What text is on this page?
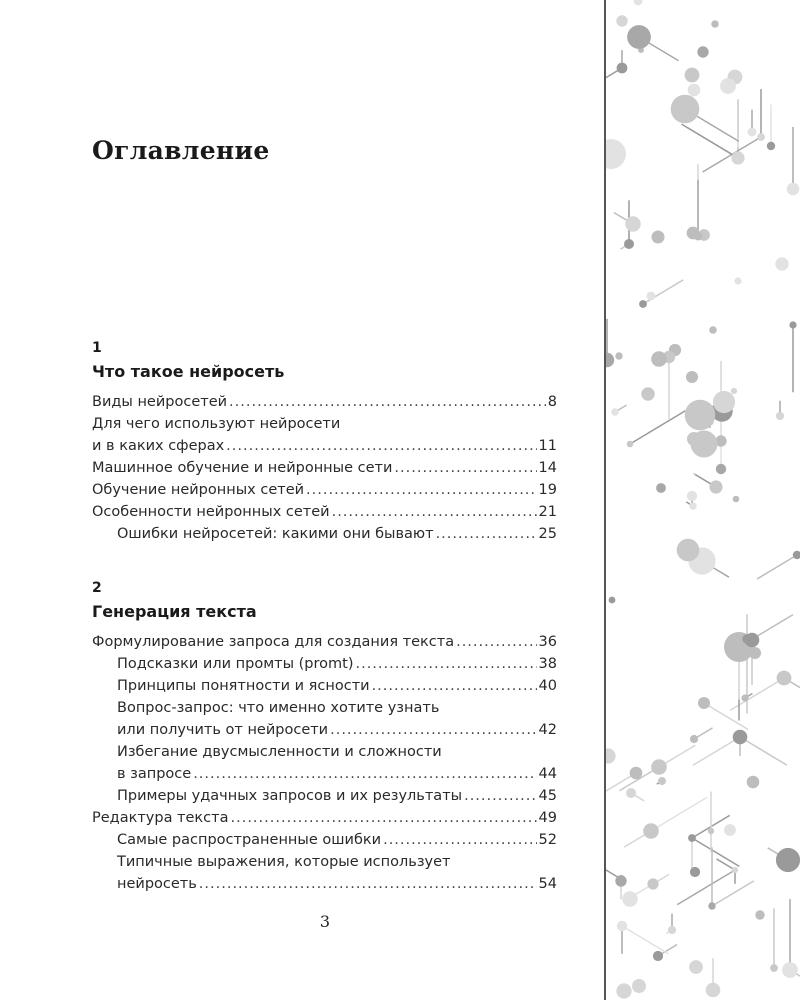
Оглавление
1
Что такое нейросеть
Виды нейросетей .....	8
Для чего используют нейросети
и в каких сферах .....	11
Машинное обучение и нейронные сети .....	14
Обучение нейронных сетей .....	19
Особенности нейронных сетей .....	21
Ошибки нейросетей: какими они бывают .....	25
2
Генерация текста
Формулирование запроса для создания текста .....	36
Подсказки или промты (promt) .....	38
Принципы понятности и ясности .....	40
Вопрос-запрос: что именно хотите узнать
или получить от нейросети .....	42
Избегание двусмысленности и сложности
в запросе .....	44
Примеры удачных запросов и их результаты .....	45
Редактура текста .....	49
Самые распространенные ошибки .....	52
Типичные выражения, которые использует
нейросеть .....	54
3
